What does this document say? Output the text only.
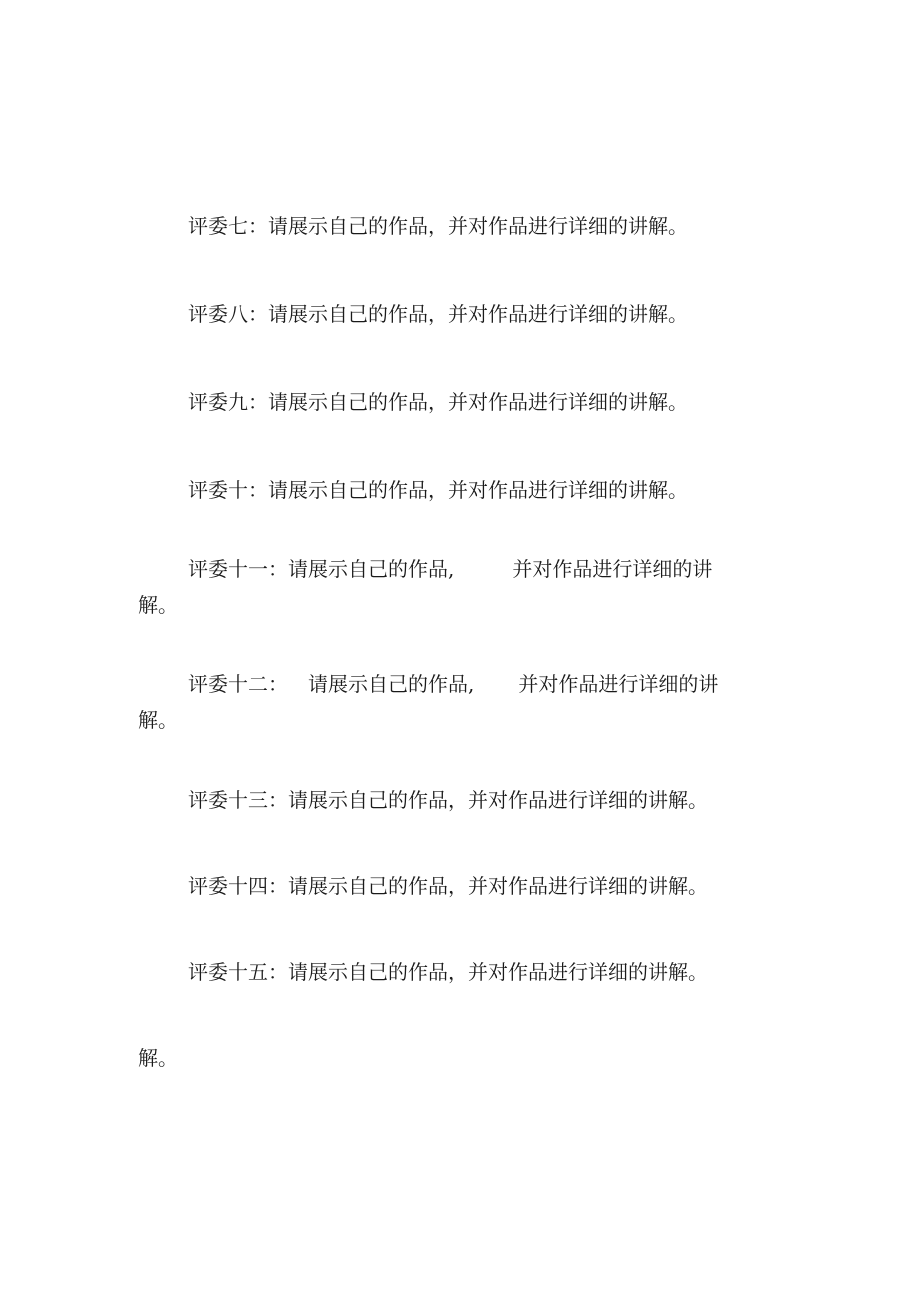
评委七：请展示自己的作品，并对作品进行详细的讲解。
评委八：请展示自己的作品，并对作品进行详细的讲解。
评委九：请展示自己的作品，并对作品进行详细的讲解。
评委十：请展示自己的作品，并对作品进行详细的讲解。
评委十一：请展示自己的作品,	并对作品进行详细的讲
解。
评委十二： 请展示自己的作品, 并对作品进行详细的讲
解。
评委十三：请展示自己的作品，并对作品进行详细的讲解。
评委十四：请展示自己的作品，并对作品进行详细的讲解。
评委十五：请展示自己的作品，并对作品进行详细的讲解。
解。
